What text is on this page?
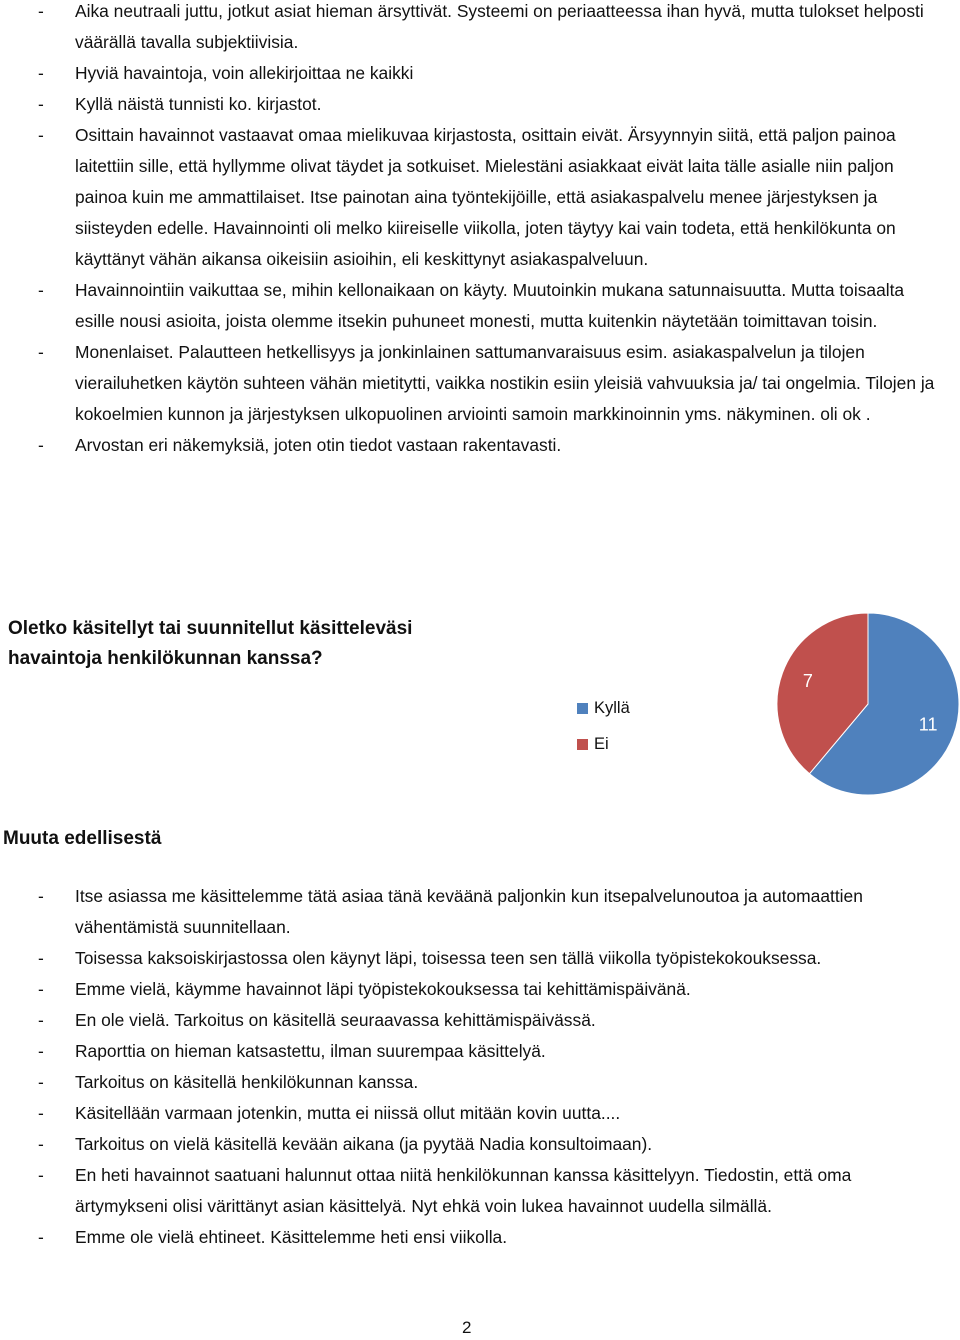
- Aika neutraali juttu, jotkut asiat hieman ärsyttivät. Systeemi on periaatteessa ihan hyvä, mutta tulokset helposti väärällä tavalla subjektiivisia.
- Hyviä havaintoja, voin allekirjoittaa ne kaikki
- Kyllä näistä tunnisti ko. kirjastot.
- Osittain havainnot vastaavat omaa mielikuvaa kirjastosta, osittain eivät. Ärsyynnyin siitä, että paljon painoa laitettiin sille, että hyllymme olivat täydet ja sotkuiset. Mielestäni asiakkaat eivät laita tälle asialle niin paljon painoa kuin me ammattilaiset. Itse painotan aina työntekijöille, että asiakaspalvelu menee järjestyksen ja siisteyden edelle. Havainnointi oli melko kiireiselle viikolla, joten täytyy kai vain todeta, että henkilökunta on käyttänyt vähän aikansa oikeisiin asioihin, eli keskittynyt asiakaspalveluun.
- Havainnointiin vaikuttaa se, mihin kellonaikaan on käyty. Muutoinkin mukana satunnaisuutta. Mutta toisaalta esille nousi asioita, joista olemme itsekin puhuneet monesti, mutta kuitenkin näytetään toimittavan toisin.
- Monenlaiset. Palautteen hetkellisyys ja jonkinlainen sattumanvaraisuus esim. asiakaspalvelun ja tilojen vierailuhetken käytön suhteen vähän mietitytti, vaikka nostikin esiin yleisiä vahvuuksia ja/ tai ongelmia. Tilojen ja kokoelmien kunnon ja järjestyksen ulkopuolinen arviointi samoin markkinoinnin yms. näkyminen. oli ok .
- Arvostan eri näkemyksiä, joten otin tiedot vastaan rakentavasti.
Oletko käsitellyt tai suunnitellut käsitteleväsi havaintoja henkilökunnan kanssa?
Kyllä
Ei
11
7
Muuta edellisestä
- Itse asiassa me käsittelemme tätä asiaa tänä keväänä paljonkin kun itsepalvelunoutoa ja automaattien vähentämistä suunnitellaan.
- Toisessa kaksoiskirjastossa olen käynyt läpi, toisessa teen sen tällä viikolla työpistekokouksessa.
- Emme vielä, käymme havainnot läpi työpistekokouksessa tai kehittämispäivänä.
- En ole vielä. Tarkoitus on käsitellä seuraavassa kehittämispäivässä.
- Raporttia on hieman katsastettu, ilman suurempaa käsittelyä.
- Tarkoitus on käsitellä henkilökunnan kanssa.
- Käsitellään varmaan jotenkin, mutta ei niissä ollut mitään kovin uutta....
- Tarkoitus on vielä käsitellä kevään aikana (ja pyytää Nadia konsultoimaan).
- En heti havainnot saatuani halunnut ottaa niitä henkilökunnan kanssa käsittelyyn. Tiedostin, että oma ärtymykseni olisi värittänyt asian käsittelyä. Nyt ehkä voin lukea havainnot uudella silmällä.
- Emme ole vielä ehtineet. Käsittelemme heti ensi viikolla.
2
